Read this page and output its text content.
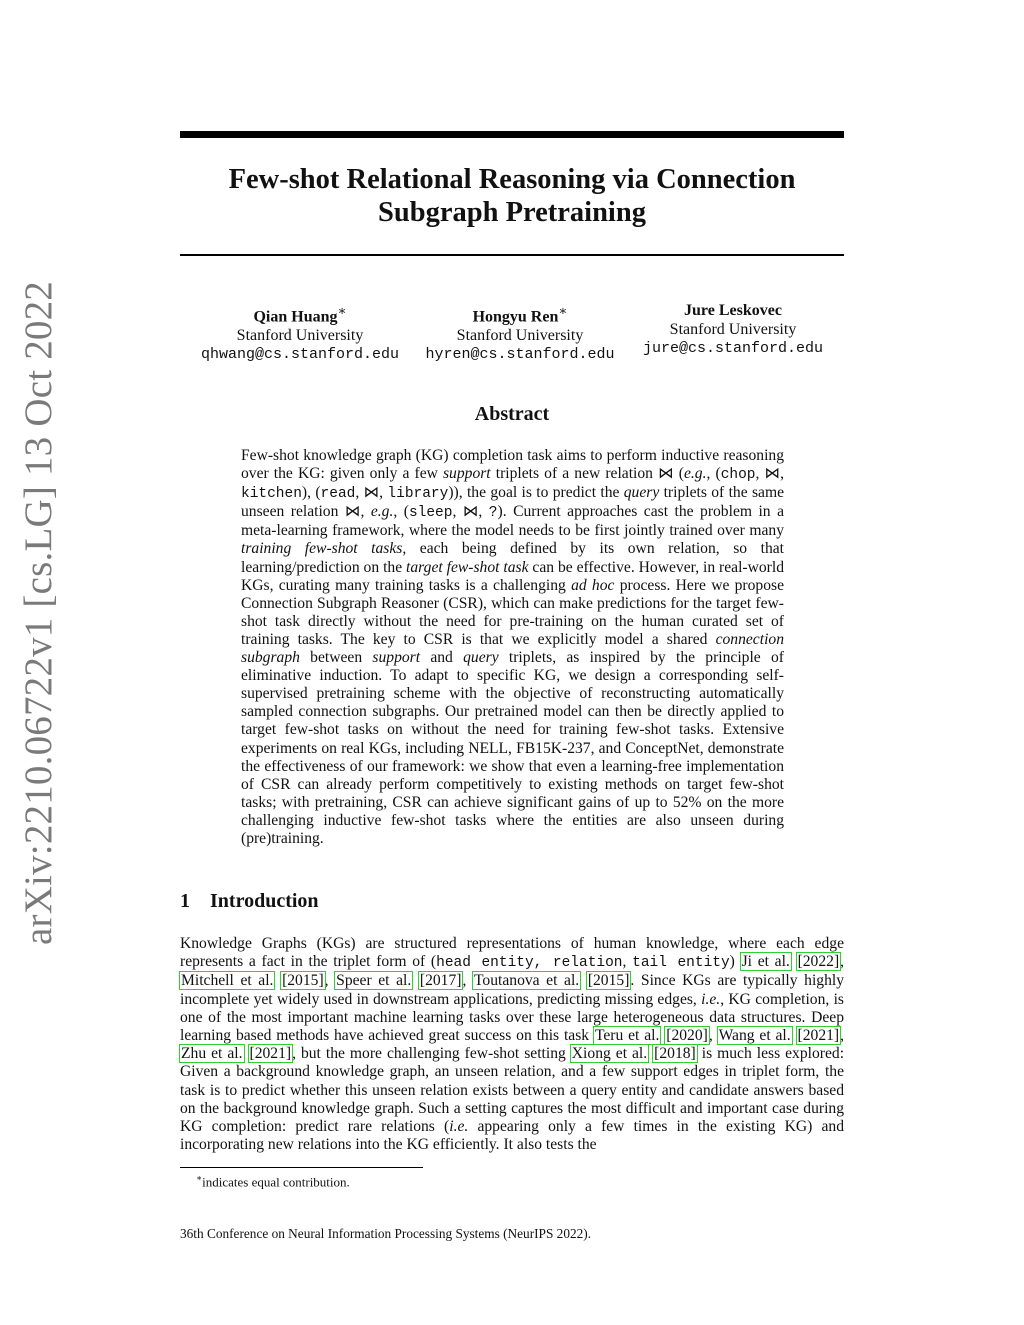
arXiv:2210.06722v1 [cs.LG] 13 Oct 2022
Few-shot Relational Reasoning via Connection
Subgraph Pretraining
Qian Huang∗
Stanford University
qhwang@cs.stanford.edu
Hongyu Ren∗
Stanford University
hyren@cs.stanford.edu
Jure Leskovec
Stanford University
jure@cs.stanford.edu
Abstract
Few-shot knowledge graph (KG) completion task aims to perform inductive reasoning over the KG: given only a few support triplets of a new relation ⋈ (e.g., (chop, ⋈, kitchen), (read, ⋈, library)), the goal is to predict the query triplets of the same unseen relation ⋈, e.g., (sleep, ⋈, ?). Current approaches cast the problem in a meta-learning framework, where the model needs to be first jointly trained over many training few-shot tasks, each being defined by its own relation, so that learning/prediction on the target few-shot task can be effective. However, in real-world KGs, curating many training tasks is a challenging ad hoc process. Here we propose Connection Subgraph Reasoner (CSR), which can make predictions for the target few-shot task directly without the need for pre-training on the human curated set of training tasks. The key to CSR is that we explicitly model a shared connection subgraph between support and query triplets, as inspired by the principle of eliminative induction. To adapt to specific KG, we design a corresponding self-supervised pretraining scheme with the objective of reconstructing automatically sampled connection subgraphs. Our pretrained model can then be directly applied to target few-shot tasks on without the need for training few-shot tasks. Extensive experiments on real KGs, including NELL, FB15K-237, and ConceptNet, demonstrate the effectiveness of our framework: we show that even a learning-free implementation of CSR can already perform competitively to existing methods on target few-shot tasks; with pretraining, CSR can achieve significant gains of up to 52% on the more challenging inductive few-shot tasks where the entities are also unseen during (pre)training.
1 Introduction
Knowledge Graphs (KGs) are structured representations of human knowledge, where each edge represents a fact in the triplet form of (head entity, relation, tail entity) Ji et al. [2022], Mitchell et al. [2015], Speer et al. [2017], Toutanova et al. [2015]. Since KGs are typically highly incomplete yet widely used in downstream applications, predicting missing edges, i.e., KG completion, is one of the most important machine learning tasks over these large heterogeneous data structures. Deep learning based methods have achieved great success on this task Teru et al. [2020], Wang et al. [2021], Zhu et al. [2021], but the more challenging few-shot setting Xiong et al. [2018] is much less explored: Given a background knowledge graph, an unseen relation, and a few support edges in triplet form, the task is to predict whether this unseen relation exists between a query entity and candidate answers based on the background knowledge graph. Such a setting captures the most difficult and important case during KG completion: predict rare relations (i.e. appearing only a few times in the existing KG) and incorporating new relations into the KG efficiently. It also tests the
∗indicates equal contribution.
36th Conference on Neural Information Processing Systems (NeurIPS 2022).
